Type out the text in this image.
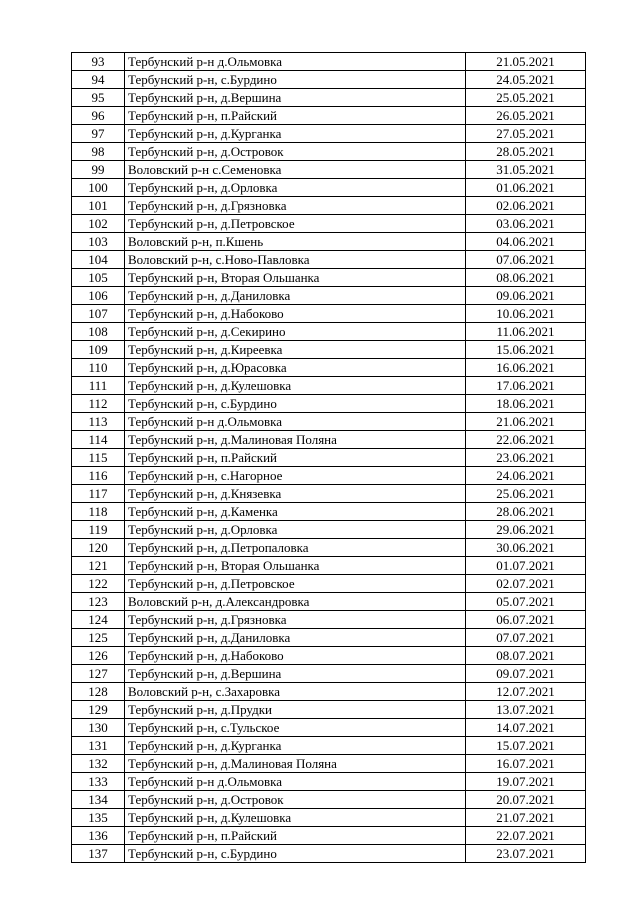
93	Тербунский р-н д.Ольмовка	21.05.2021
94	Тербунский р-н, с.Бурдино	24.05.2021
95	Тербунский р-н, д.Вершина	25.05.2021
96	Тербунский р-н, п.Райский	26.05.2021
97	Тербунский р-н, д.Курганка	27.05.2021
98	Тербунский р-н, д.Островок	28.05.2021
99	Воловский р-н с.Семеновка	31.05.2021
100	Тербунский р-н, д.Орловка	01.06.2021
101	Тербунский р-н, д.Грязновка	02.06.2021
102	Тербунский р-н, д.Петровское	03.06.2021
103	Воловский р-н, п.Кшень	04.06.2021
104	Воловский р-н, с.Ново-Павловка	07.06.2021
105	Тербунский р-н, Вторая Ольшанка	08.06.2021
106	Тербунский р-н, д.Даниловка	09.06.2021
107	Тербунский р-н, д.Набоково	10.06.2021
108	Тербунский р-н, д.Секирино	11.06.2021
109	Тербунский р-н, д.Киреевка	15.06.2021
110	Тербунский р-н, д.Юрасовка	16.06.2021
111	Тербунский р-н, д.Кулешовка	17.06.2021
112	Тербунский р-н, с.Бурдино	18.06.2021
113	Тербунский р-н д.Ольмовка	21.06.2021
114	Тербунский р-н, д.Малиновая Поляна	22.06.2021
115	Тербунский р-н, п.Райский	23.06.2021
116	Тербунский р-н, с.Нагорное	24.06.2021
117	Тербунский р-н, д.Князевка	25.06.2021
118	Тербунский р-н, д.Каменка	28.06.2021
119	Тербунский р-н, д.Орловка	29.06.2021
120	Тербунский р-н, д.Петропаловка	30.06.2021
121	Тербунский р-н, Вторая Ольшанка	01.07.2021
122	Тербунский р-н, д.Петровское	02.07.2021
123	Воловский р-н, д.Александровка	05.07.2021
124	Тербунский р-н, д.Грязновка	06.07.2021
125	Тербунский р-н, д.Даниловка	07.07.2021
126	Тербунский р-н, д.Набоково	08.07.2021
127	Тербунский р-н, д.Вершина	09.07.2021
128	Воловский р-н, с.Захаровка	12.07.2021
129	Тербунский р-н, д.Прудки	13.07.2021
130	Тербунский р-н, с.Тульское	14.07.2021
131	Тербунский р-н, д.Курганка	15.07.2021
132	Тербунский р-н, д.Малиновая Поляна	16.07.2021
133	Тербунский р-н д.Ольмовка	19.07.2021
134	Тербунский р-н, д.Островок	20.07.2021
135	Тербунский р-н, д.Кулешовка	21.07.2021
136	Тербунский р-н, п.Райский	22.07.2021
137	Тербунский р-н, с.Бурдино	23.07.2021
